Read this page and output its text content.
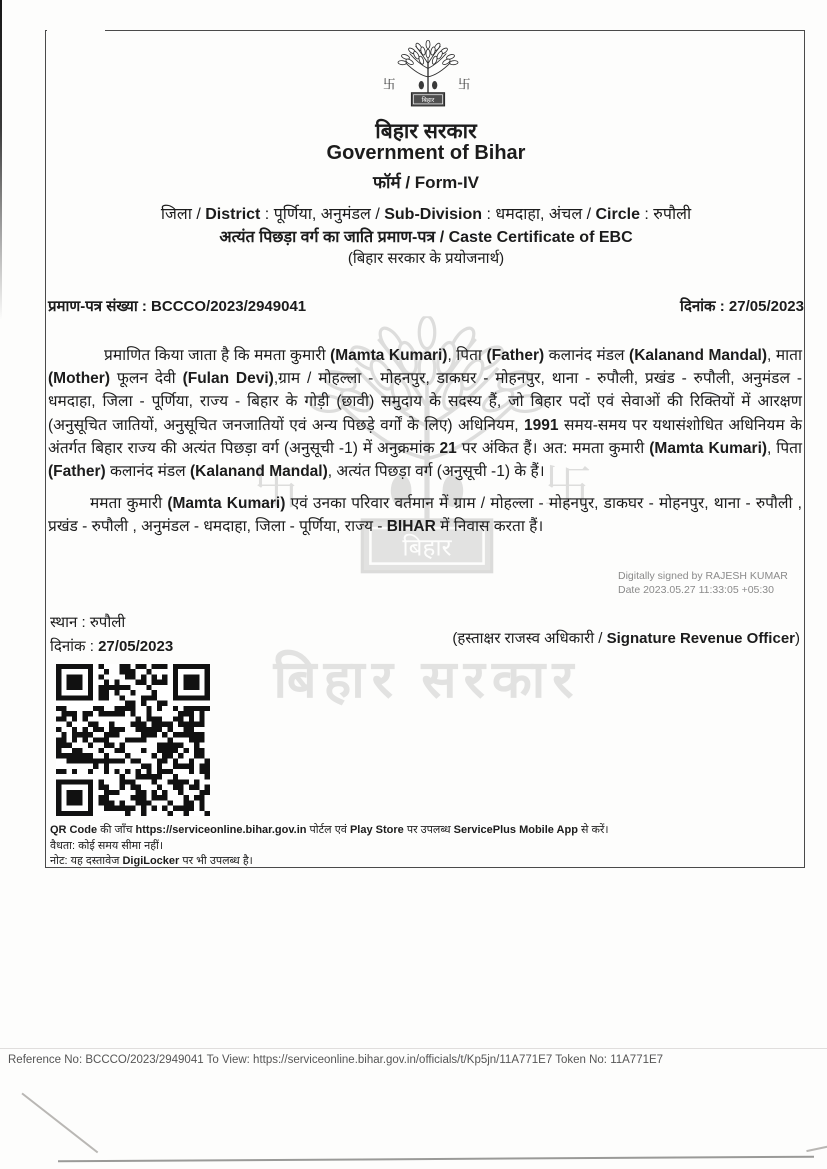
बिहार सरकार
बिहार सरकार
Government of Bihar
फॉर्म / Form-IV
जिला / District : पूर्णिया, अनुमंडल / Sub-Division : धमदाहा, अंचल / Circle : रुपौली
अत्यंत पिछड़ा वर्ग का जाति प्रमाण-पत्र / Caste Certificate of EBC
(बिहार सरकार के प्रयोजनार्थ)
प्रमाण-पत्र संख्या : BCCCO/2023/2949041	दिनांक : 27/05/2023

प्रमाणित किया जाता है कि ममता कुमारी (Mamta Kumari), पिता (Father) कलानंद मंडल (Kalanand Mandal), माता (Mother) फूलन देवी (Fulan Devi),ग्राम / मोहल्ला - मोहनपुर, डाकघर - मोहनपुर, थाना - रुपौली, प्रखंड - रुपौली, अनुमंडल - धमदाहा, जिला - पूर्णिया, राज्य - बिहार के गोड़ी (छावी) समुदाय के सदस्य हैं, जो बिहार पदों एवं सेवाओं की रिक्तियों में आरक्षण (अनुसूचित जातियों, अनुसूचित जनजातियों एवं अन्य पिछड़े वर्गों के लिए) अधिनियम, 1991 समय-समय पर यथासंशोधित अधिनियम के अंतर्गत बिहार राज्य की अत्यंत पिछड़ा वर्ग (अनुसूची -1) में अनुक्रमांक 21 पर अंकित हैं। अत: ममता कुमारी (Mamta Kumari), पिता (Father) कलानंद मंडल (Kalanand Mandal), अत्यंत पिछड़ा वर्ग (अनुसूची -1) के हैं।

ममता कुमारी (Mamta Kumari) एवं उनका परिवार वर्तमान में ग्राम / मोहल्ला - मोहनपुर, डाकघर - मोहनपुर, थाना - रुपौली , प्रखंड - रुपौली , अनुमंडल - धमदाहा, जिला - पूर्णिया, राज्य - BIHAR में निवास करता हैं।

Digitally signed by RAJESH KUMAR
Date 2023.05.27 11:33:05 +05:30
स्थान : रुपौली
दिनांक : 27/05/2023	(हस्ताक्षर राजस्व अधिकारी / Signature Revenue Officer)
QR Code की जाँच https://serviceonline.bihar.gov.in पोर्टल एवं Play Store पर उपलब्ध ServicePlus Mobile App से करें।
वैधता: कोई समय सीमा नहीं।
नोट: यह दस्तावेज DigiLocker पर भी उपलब्ध है।
Reference No: BCCCO/2023/2949041 To View: https://serviceonline.bihar.gov.in/officials/t/Kp5jn/11A771E7 Token No: 11A771E7
